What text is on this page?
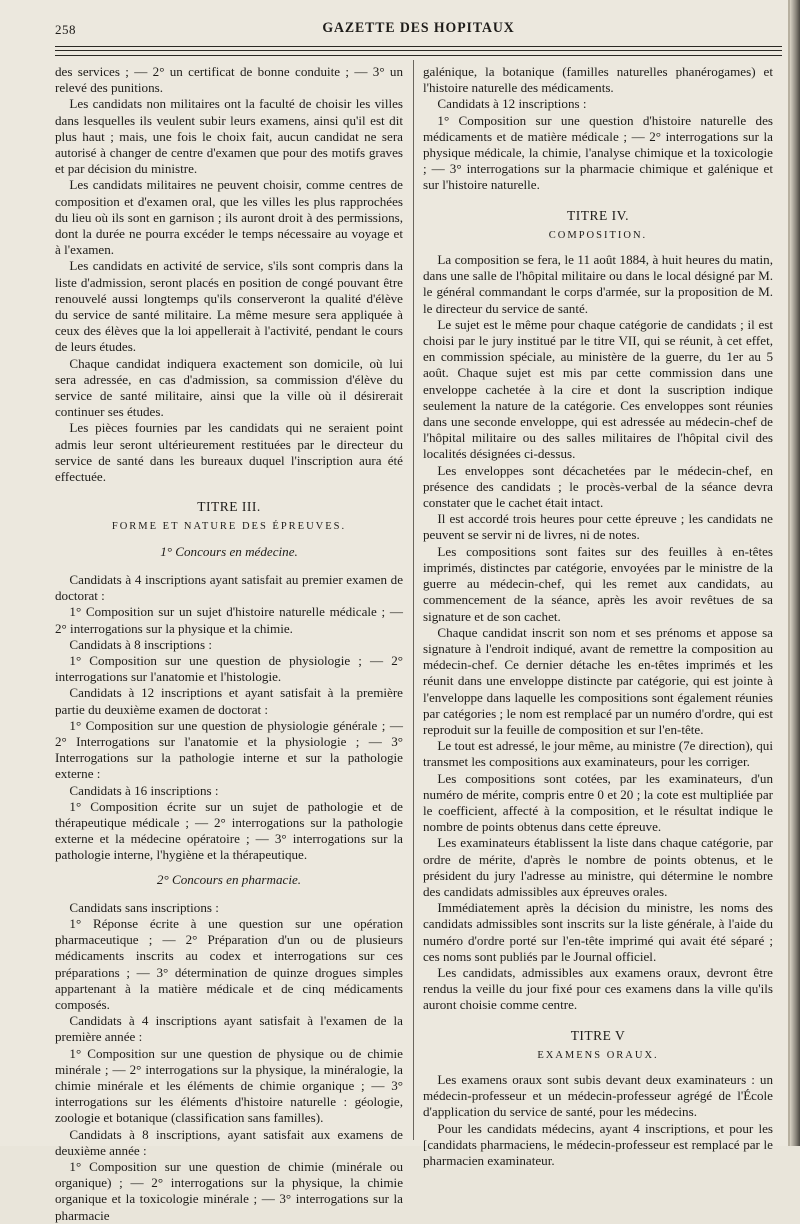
258	GAZETTE DES HOPITAUX

des services ; — 2° un certificat de bonne conduite ; — 3° un relevé des punitions.

Les candidats non militaires ont la faculté de choisir les villes dans lesquelles ils veulent subir leurs examens, ainsi qu'il est dit plus haut ; mais, une fois le choix fait, aucun candidat ne sera autorisé à changer de centre d'examen que pour des motifs graves et par décision du ministre.

Les candidats militaires ne peuvent choisir, comme centres de composition et d'examen oral, que les villes les plus rapprochées du lieu où ils sont en garnison ; ils auront droit à des permissions, dont la durée ne pourra excéder le temps nécessaire au voyage et à l'examen.

Les candidats en activité de service, s'ils sont compris dans la liste d'admission, seront placés en position de congé pouvant être renouvelé aussi longtemps qu'ils conserveront la qualité d'élève du service de santé militaire. La même mesure sera appliquée à ceux des élèves que la loi appellerait à l'activité, pendant le cours de leurs études.

Chaque candidat indiquera exactement son domicile, où lui sera adressée, en cas d'admission, sa commission d'élève du service de santé militaire, ainsi que la ville où il désirerait continuer ses études.

Les pièces fournies par les candidats qui ne seraient point admis leur seront ultérieurement restituées par le directeur du service de santé dans les bureaux duquel l'inscription aura été effectuée.

TITRE III.

FORME ET NATURE DES ÉPREUVES.

1° Concours en médecine.

Candidats à 4 inscriptions ayant satisfait au premier examen de doctorat :

1° Composition sur un sujet d'histoire naturelle médicale ; — 2° interrogations sur la physique et la chimie.

Candidats à 8 inscriptions :

1° Composition sur une question de physiologie ; — 2° interrogations sur l'anatomie et l'histologie.

Candidats à 12 inscriptions et ayant satisfait à la première partie du deuxième examen de doctorat :

1° Composition sur une question de physiologie générale ; — 2° Interrogations sur l'anatomie et la physiologie ; — 3° Interrogations sur la pathologie interne et sur la pathologie externe :

Candidats à 16 inscriptions :

1° Composition écrite sur un sujet de pathologie et de thérapeutique médicale ; — 2° interrogations sur la pathologie externe et la médecine opératoire ; — 3° interrogations sur la pathologie interne, l'hygiène et la thérapeutique.

2° Concours en pharmacie.

Candidats sans inscriptions :

1° Réponse écrite à une question sur une opération pharmaceutique ; — 2° Préparation d'un ou de plusieurs médicaments inscrits au codex et interrogations sur ces préparations ; — 3° détermination de quinze drogues simples appartenant à la matière médicale et de cinq médicaments composés.

Candidats à 4 inscriptions ayant satisfait à l'examen de la première année :

1° Composition sur une question de physique ou de chimie minérale ; — 2° interrogations sur la physique, la minéralogie, la chimie minérale et les éléments de chimie organique ; — 3° interrogations sur les éléments d'histoire naturelle : géologie, zoologie et botanique (classification sans familles).

Candidats à 8 inscriptions, ayant satisfait aux examens de deuxième année :

1° Composition sur une question de chimie (minérale ou organique) ; — 2° interrogations sur la physique, la chimie organique et la toxicologie minérale ; — 3° interrogations sur la pharmacie

galénique, la botanique (familles naturelles phanérogames) et l'histoire naturelle des médicaments.

Candidats à 12 inscriptions :

1° Composition sur une question d'histoire naturelle des médicaments et de matière médicale ; — 2° interrogations sur la physique médicale, la chimie, l'analyse chimique et la toxicologie ; — 3° interrogations sur la pharmacie chimique et galénique et sur l'histoire naturelle.

TITRE IV.

COMPOSITION.

La composition se fera, le 11 août 1884, à huit heures du matin, dans une salle de l'hôpital militaire ou dans le local désigné par M. le général commandant le corps d'armée, sur la proposition de M. le directeur du service de santé.

Le sujet est le même pour chaque catégorie de candidats ; il est choisi par le jury institué par le titre VII, qui se réunit, à cet effet, en commission spéciale, au ministère de la guerre, du 1er au 5 août. Chaque sujet est mis par cette commission dans une enveloppe cachetée à la cire et dont la suscription indique seulement la nature de la catégorie. Ces enveloppes sont réunies dans une seconde enveloppe, qui est adressée au médecin-chef de l'hôpital militaire ou des salles militaires de l'hôpital civil des localités désignées ci-dessus.

Les enveloppes sont décachetées par le médecin-chef, en présence des candidats ; le procès-verbal de la séance devra constater que le cachet était intact.

Il est accordé trois heures pour cette épreuve ; les candidats ne peuvent se servir ni de livres, ni de notes.

Les compositions sont faites sur des feuilles à en-têtes imprimés, distinctes par catégorie, envoyées par le ministre de la guerre au médecin-chef, qui les remet aux candidats, au commencement de la séance, après les avoir revêtues de sa signature et de son cachet.

Chaque candidat inscrit son nom et ses prénoms et appose sa signature à l'endroit indiqué, avant de remettre la composition au médecin-chef. Ce dernier détache les en-têtes imprimés et les réunit dans une enveloppe distincte par catégorie, qui est jointe à l'enveloppe dans laquelle les compositions sont également réunies par catégories ; le nom est remplacé par un numéro d'ordre, qui est reproduit sur la feuille de composition et sur l'en-tête.

Le tout est adressé, le jour même, au ministre (7e direction), qui transmet les compositions aux examinateurs, pour les corriger.

Les compositions sont cotées, par les examinateurs, d'un numéro de mérite, compris entre 0 et 20 ; la cote est multipliée par le coefficient, affecté à la composition, et le résultat indique le nombre de points obtenus dans cette épreuve.

Les examinateurs établissent la liste dans chaque catégorie, par ordre de mérite, d'après le nombre de points obtenus, et le président du jury l'adresse au ministre, qui détermine le nombre des candidats admissibles aux épreuves orales.

Immédiatement après la décision du ministre, les noms des candidats admissibles sont inscrits sur la liste générale, à l'aide du numéro d'ordre porté sur l'en-tête imprimé qui avait été séparé ; ces noms sont publiés par le Journal officiel.

Les candidats, admissibles aux examens oraux, devront être rendus la veille du jour fixé pour ces examens dans la ville qu'ils auront choisie comme centre.

TITRE V

EXAMENS ORAUX.

Les examens oraux sont subis devant deux examinateurs : un médecin-professeur et un médecin-professeur agrégé de l'École d'application du service de santé, pour les médecins.

Pour les candidats médecins, ayant 4 inscriptions, et pour les [candidats pharmaciens, le médecin-professeur est remplacé par le pharmacien examinateur.
